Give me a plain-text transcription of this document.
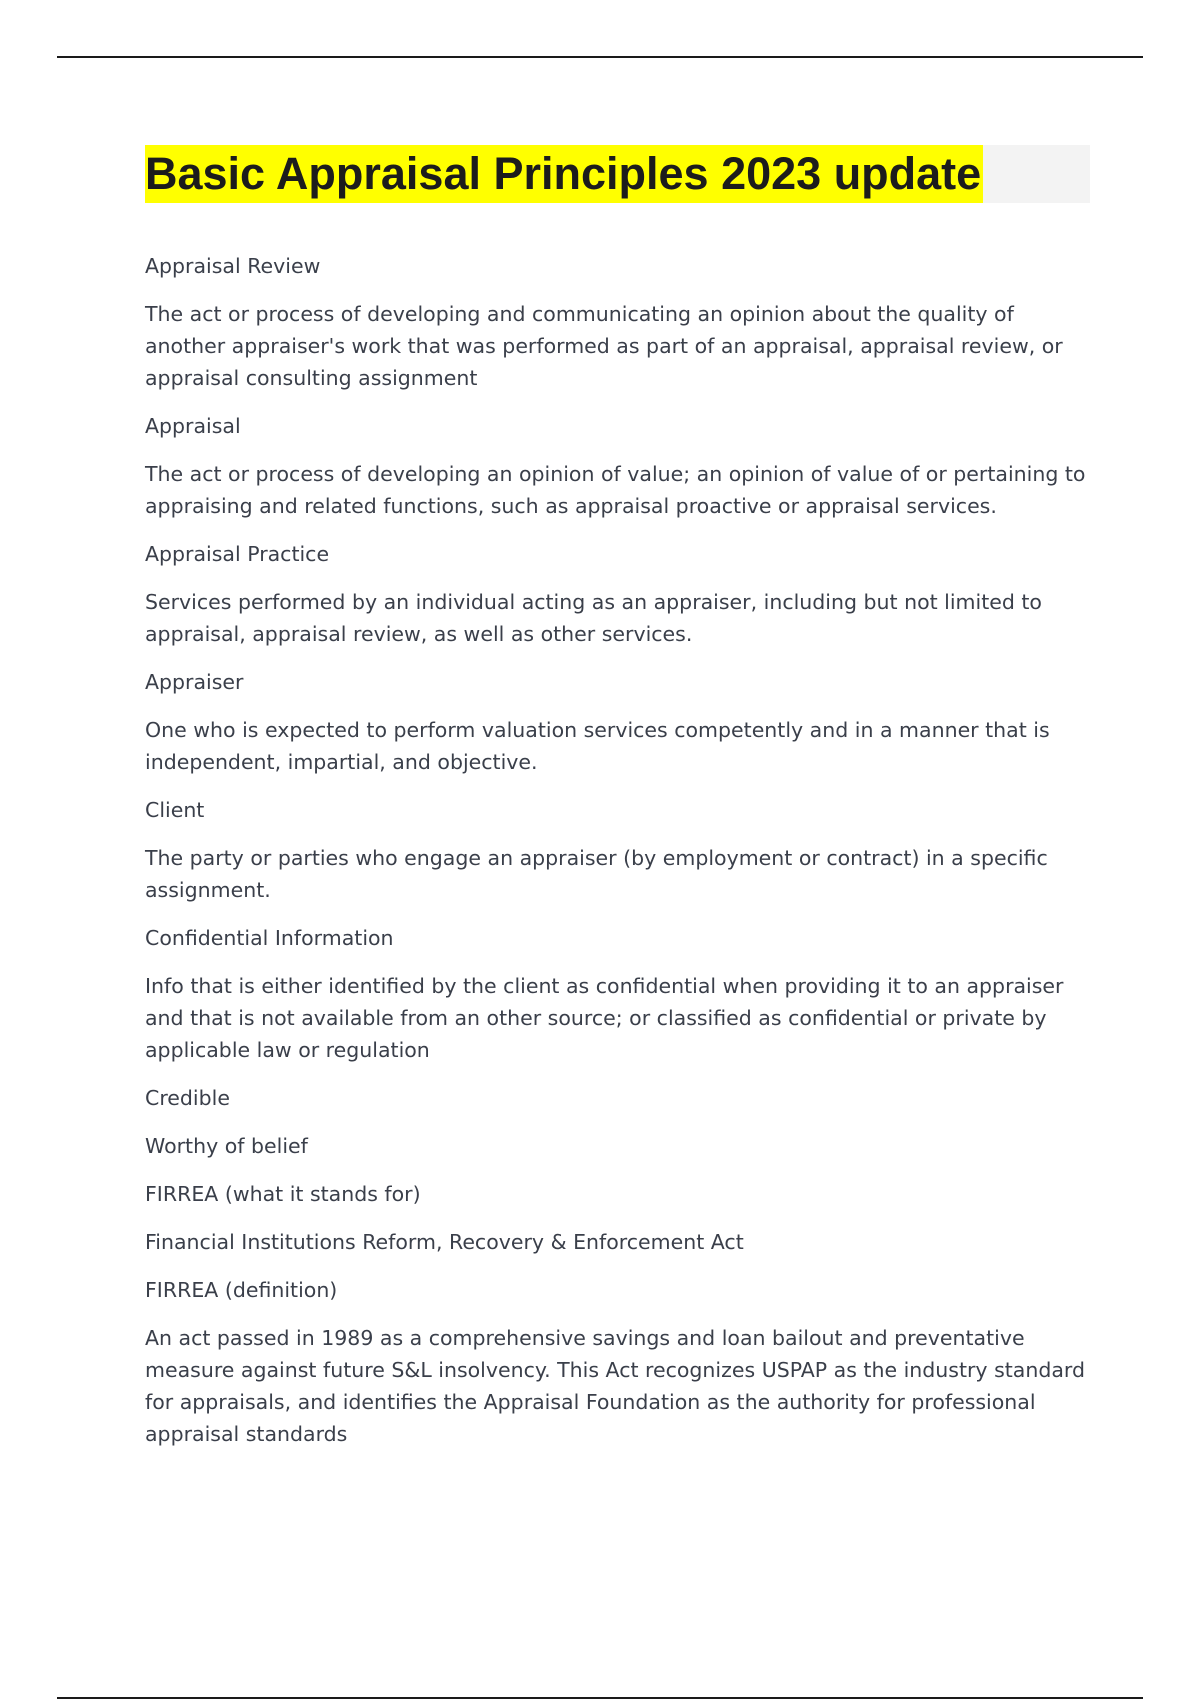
Basic Appraisal Principles 2023 update

Appraisal Review

The act or process of developing and communicating an opinion about the quality of another appraiser's work that was performed as part of an appraisal, appraisal review, or appraisal consulting assignment

Appraisal

The act or process of developing an opinion of value; an opinion of value of or pertaining to appraising and related functions, such as appraisal proactive or appraisal services.

Appraisal Practice

Services performed by an individual acting as an appraiser, including but not limited to appraisal, appraisal review, as well as other services.

Appraiser

One who is expected to perform valuation services competently and in a manner that is independent, impartial, and objective.

Client

The party or parties who engage an appraiser (by employment or contract) in a specific assignment.

Confidential Information

Info that is either identified by the client as confidential when providing it to an appraiser and that is not available from an other source; or classified as confidential or private by applicable law or regulation

Credible

Worthy of belief

FIRREA (what it stands for)

Financial Institutions Reform, Recovery & Enforcement Act

FIRREA (definition)

An act passed in 1989 as a comprehensive savings and loan bailout and preventative measure against future S&L insolvency. This Act recognizes USPAP as the industry standard for appraisals, and identifies the Appraisal Foundation as the authority for professional appraisal standards
